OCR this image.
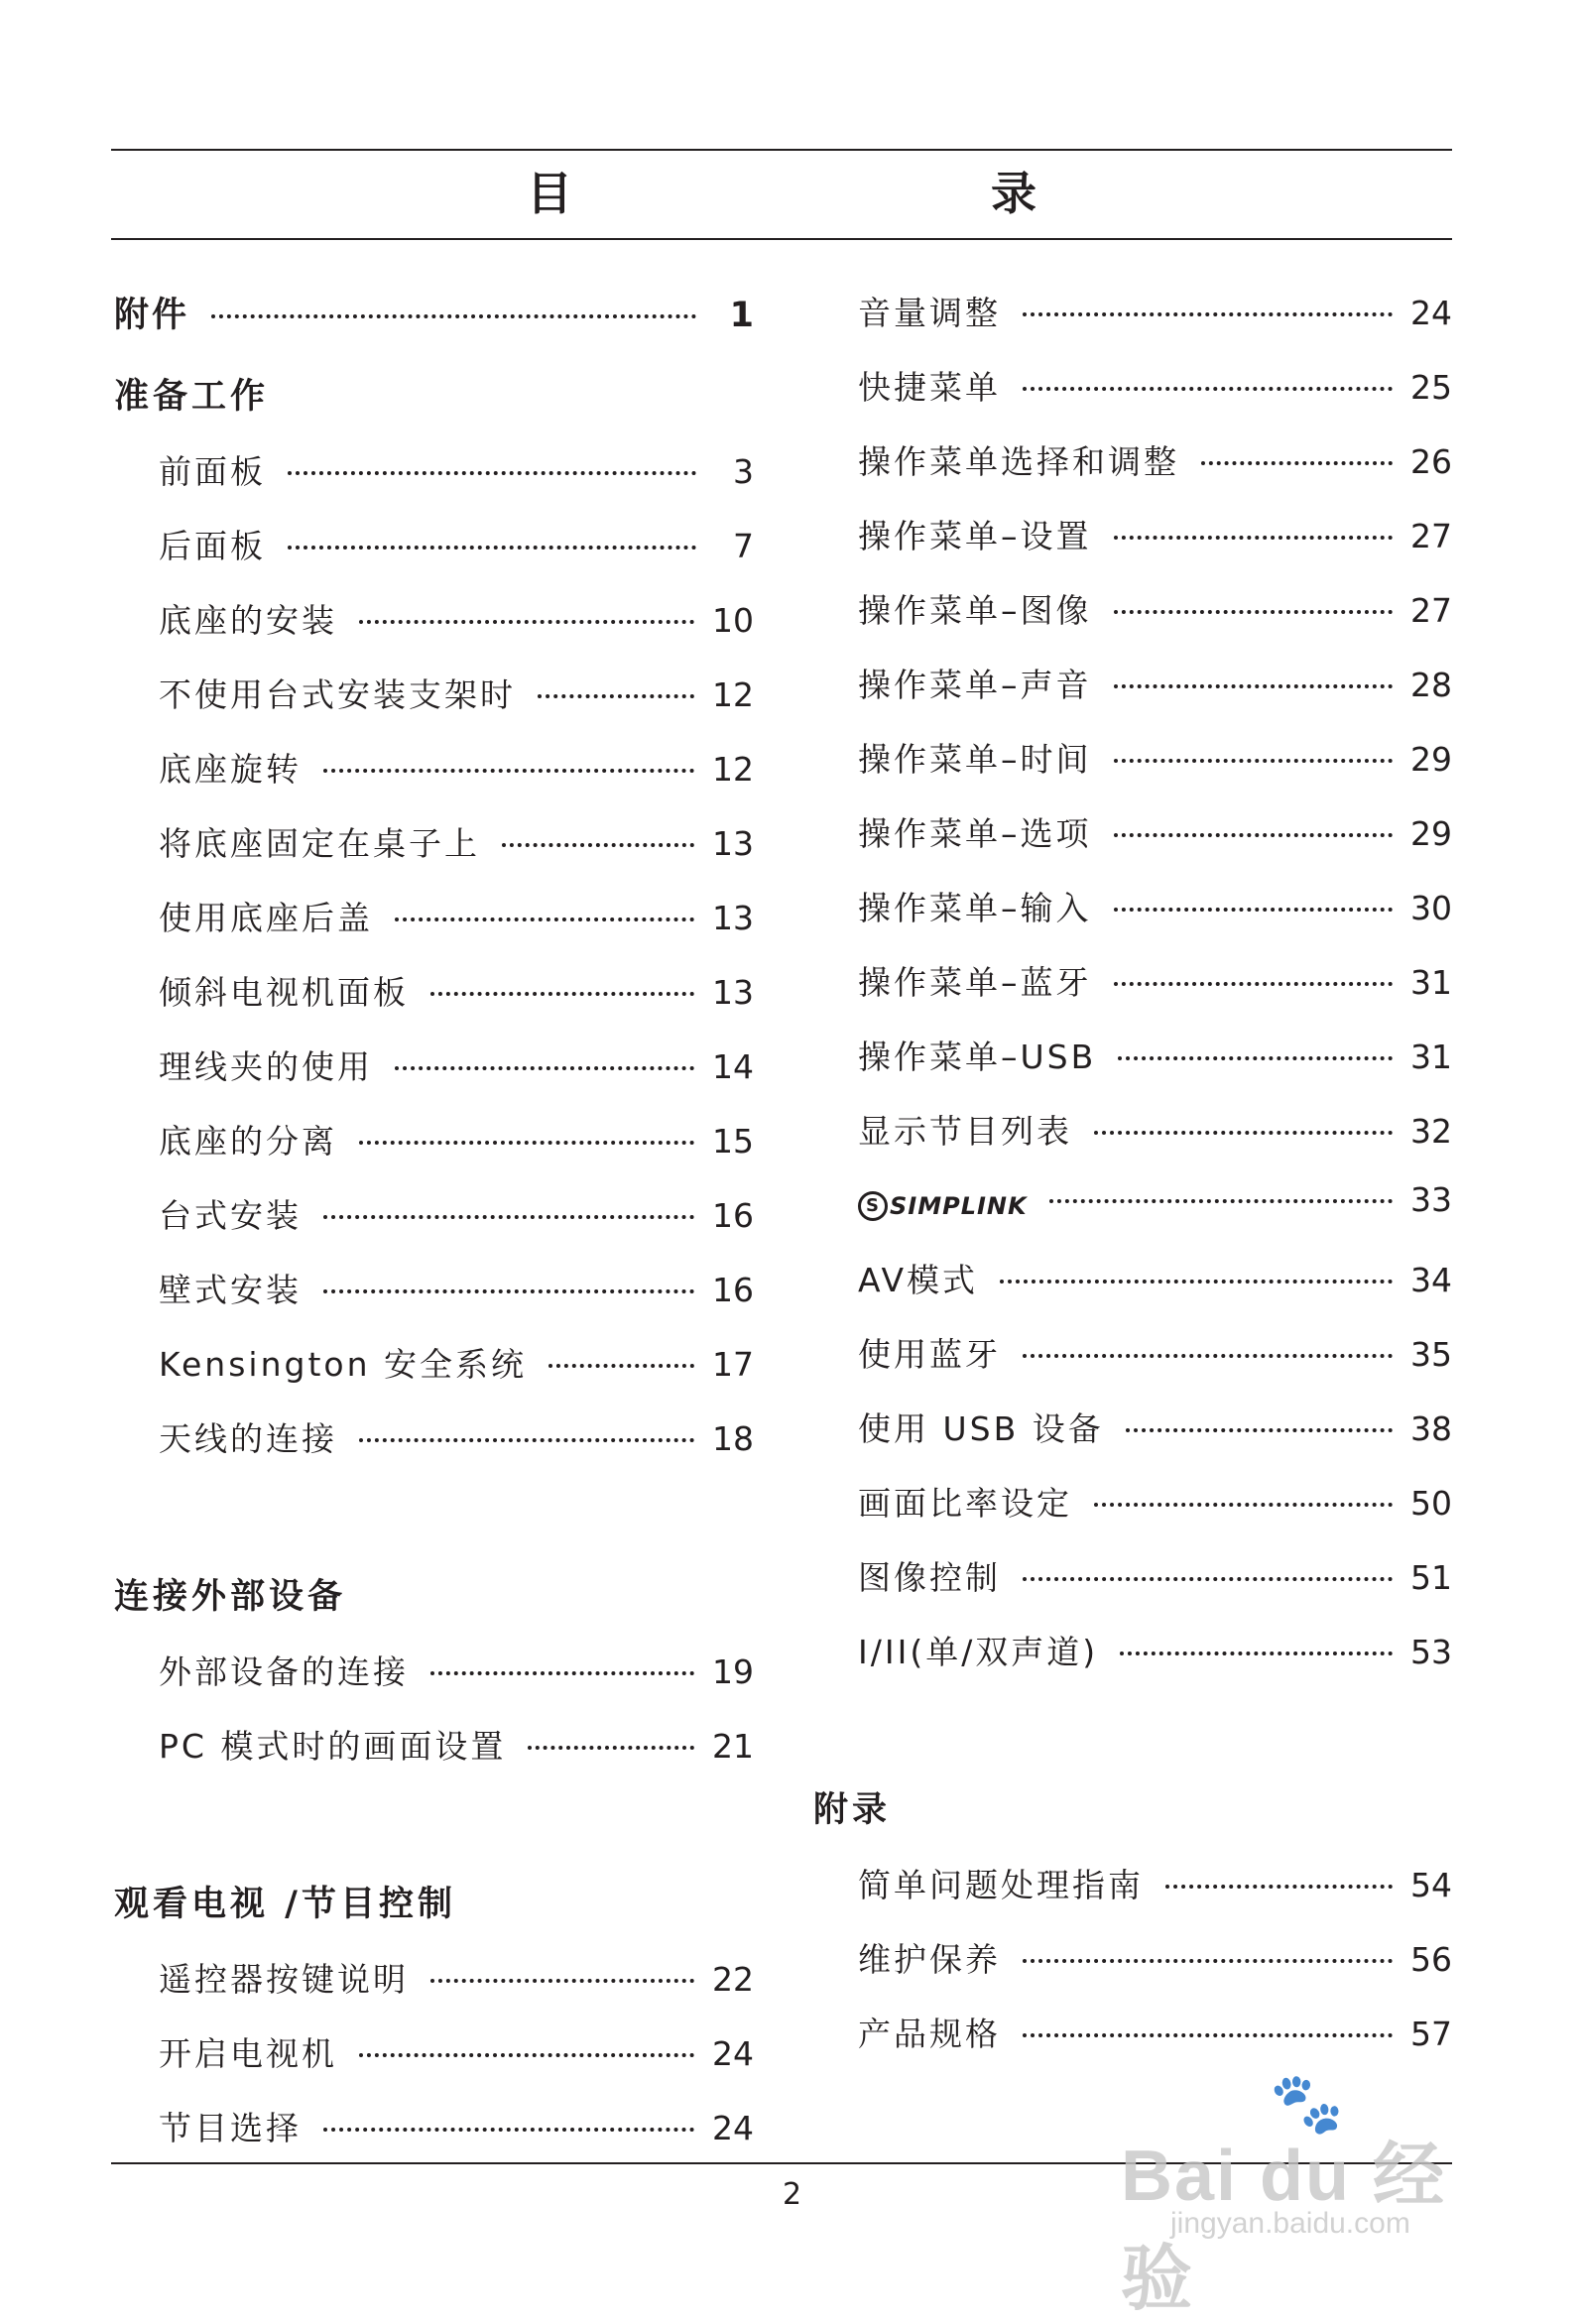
目　　录
附件	1
准备工作
前面板	3
后面板	7
底座的安装	10
不使用台式安装支架时	12
底座旋转	12
将底座固定在桌子上	13
使用底座后盖	13
倾斜电视机面板	13
理线夹的使用	14
底座的分离	15
台式安装	16
壁式安装	16
Kensington 安全系统	17
天线的连接	18
连接外部设备
外部设备的连接	19
PC 模式时的画面设置	21
观看电视 /节目控制
遥控器按键说明	22
开启电视机	24
节目选择	24
音量调整	24
快捷菜单	25
操作菜单选择和调整	26
操作菜单–设置	27
操作菜单–图像	27
操作菜单–声音	28
操作菜单–时间	29
操作菜单–选项	29
操作菜单–输入	30
操作菜单–蓝牙	31
操作菜单–USB	31
显示节目列表	32
S SIMPLINK	33
AV模式	34
使用蓝牙	35
使用 USB 设备	38
画面比率设定	50
图像控制	51
I/II(单/双声道)	53
附录
简单问题处理指南	54
维护保养	56
产品规格	57
2
🐾
Bai du 经验
jingyan.baidu.com
